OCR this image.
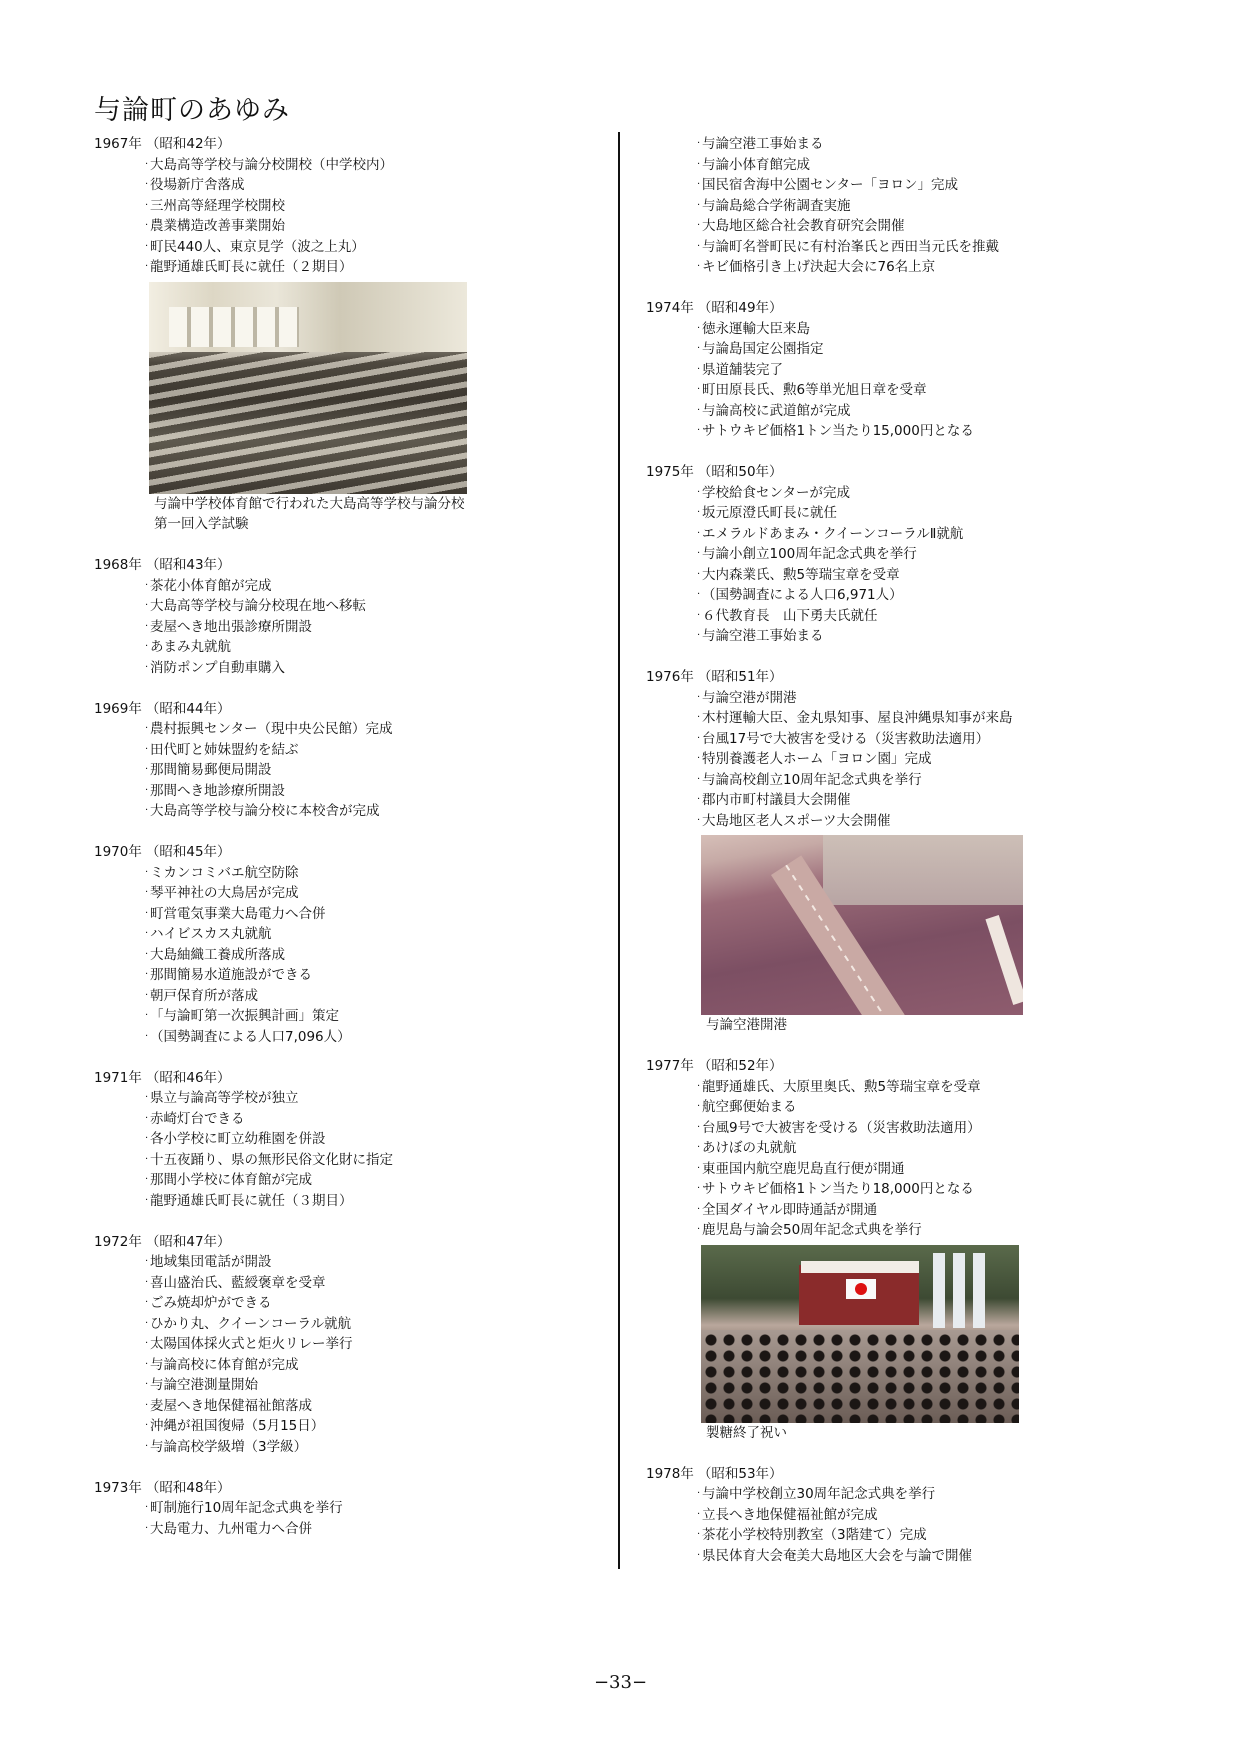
与論町のあゆみ
1967年 （昭和42年）
· 大島高等学校与論分校開校（中学校内）
· 役場新庁舎落成
· 三州高等経理学校開校
· 農業構造改善事業開始
· 町民440人、東京見学（波之上丸）
· 龍野通雄氏町長に就任（２期目）
与論中学校体育館で行われた大島高等学校与論分校
第一回入学試験
1968年 （昭和43年）
· 茶花小体育館が完成
· 大島高等学校与論分校現在地へ移転
· 麦屋へき地出張診療所開設
· あまみ丸就航
· 消防ポンプ自動車購入
1969年 （昭和44年）
· 農村振興センター（現中央公民館）完成
· 田代町と姉妹盟約を結ぶ
· 那間簡易郵便局開設
· 那間へき地診療所開設
· 大島高等学校与論分校に本校舎が完成
1970年 （昭和45年）
· ミカンコミバエ航空防除
· 琴平神社の大鳥居が完成
· 町営電気事業大島電力へ合併
· ハイビスカス丸就航
· 大島紬織工養成所落成
· 那間簡易水道施設ができる
· 朝戸保育所が落成
· 「与論町第一次振興計画」策定
· （国勢調査による人口7,096人）
1971年 （昭和46年）
· 県立与論高等学校が独立
· 赤崎灯台できる
· 各小学校に町立幼稚園を併設
· 十五夜踊り、県の無形民俗文化財に指定
· 那間小学校に体育館が完成
· 龍野通雄氏町長に就任（３期目）
1972年 （昭和47年）
· 地域集団電話が開設
· 喜山盛治氏、藍綬褒章を受章
· ごみ焼却炉ができる
· ひかり丸、クイーンコーラル就航
· 太陽国体採火式と炬火リレー挙行
· 与論高校に体育館が完成
· 与論空港測量開始
· 麦屋へき地保健福祉館落成
· 沖縄が祖国復帰（5月15日）
· 与論高校学級増（3学級）
1973年 （昭和48年）
· 町制施行10周年記念式典を挙行
· 大島電力、九州電力へ合併
· 与論空港工事始まる
· 与論小体育館完成
· 国民宿舎海中公園センター「ヨロン」完成
· 与論島総合学術調査実施
· 大島地区総合社会教育研究会開催
· 与論町名誉町民に有村治峯氏と西田当元氏を推戴
· キビ価格引き上げ決起大会に76名上京
1974年 （昭和49年）
· 徳永運輸大臣来島
· 与論島国定公園指定
· 県道舗装完了
· 町田原長氏、勲6等単光旭日章を受章
· 与論高校に武道館が完成
· サトウキビ価格1トン当たり15,000円となる
1975年 （昭和50年）
· 学校給食センターが完成
· 坂元原澄氏町長に就任
· エメラルドあまみ・クイーンコーラルⅡ就航
· 与論小創立100周年記念式典を挙行
· 大内森業氏、勲5等瑞宝章を受章
· （国勢調査による人口6,971人）
· ６代教育長　山下勇夫氏就任
· 与論空港工事始まる
1976年 （昭和51年）
· 与論空港が開港
· 木村運輸大臣、金丸県知事、屋良沖縄県知事が来島
· 台風17号で大被害を受ける（災害救助法適用）
· 特別養護老人ホーム「ヨロン園」完成
· 与論高校創立10周年記念式典を挙行
· 郡内市町村議員大会開催
· 大島地区老人スポーツ大会開催
与論空港開港
1977年 （昭和52年）
· 龍野通雄氏、大原里奥氏、勲5等瑞宝章を受章
· 航空郵便始まる
· 台風9号で大被害を受ける（災害救助法適用）
· あけぼの丸就航
· 東亜国内航空鹿児島直行便が開通
· サトウキビ価格1トン当たり18,000円となる
· 全国ダイヤル即時通話が開通
· 鹿児島与論会50周年記念式典を挙行
製糖終了祝い
1978年 （昭和53年）
· 与論中学校創立30周年記念式典を挙行
· 立長へき地保健福祉館が完成
· 茶花小学校特別教室（3階建て）完成
· 県民体育大会奄美大島地区大会を与論で開催
−33−
